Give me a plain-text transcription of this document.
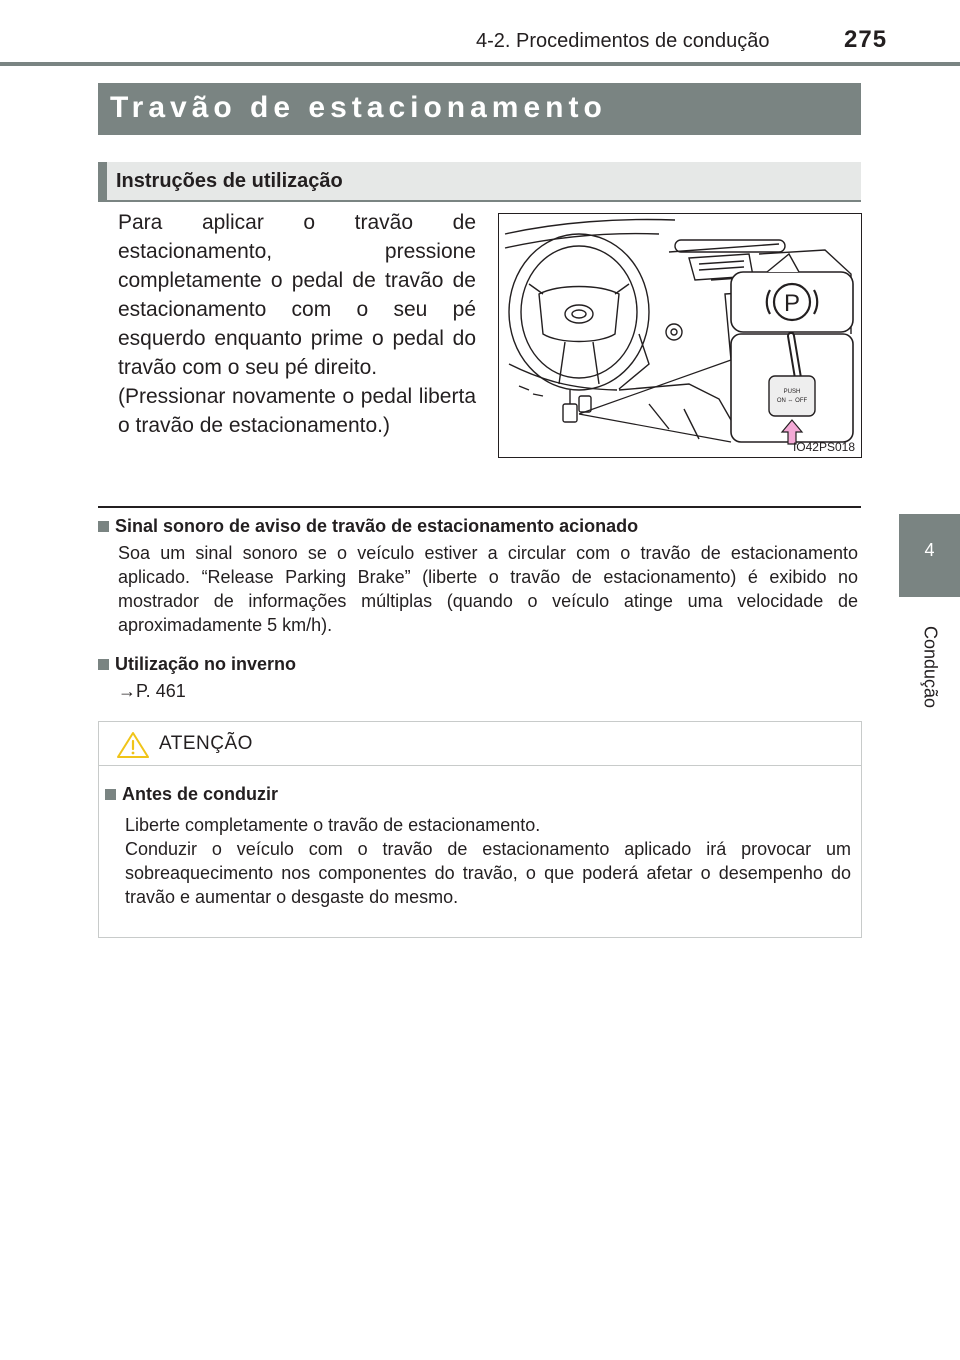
4-2. Procedimentos de condução	275
4
Condução
Travão de estacionamento
Instruções de utilização

Para aplicar o travão de estacionamento, pressione completamente o pedal de travão de estacionamento com o seu pé esquerdo enquanto prime o pedal do travão com o seu pé direito.

(Pressionar novamente o pedal liberta o travão de estacionamento.)

P
PUSH
ON ⇔ OFF
IO42PS018
Sinal sonoro de aviso de travão de estacionamento acionado
Soa um sinal sonoro se o veículo estiver a circular com o travão de estacionamento aplicado. “Release Parking Brake” (liberte o travão de estacionamento) é exibido no mostrador de informações múltiplas (quando o veículo atinge uma velocidade de aproximadamente 5 km/h).
Utilização no inverno
→P. 461
ATENÇÃO
Antes de conduzir
Liberte completamente o travão de estacionamento.
Conduzir o veículo com o travão de estacionamento aplicado irá provocar um sobreaquecimento nos componentes do travão, o que poderá afetar o desempenho do travão e aumentar o desgaste do mesmo.
